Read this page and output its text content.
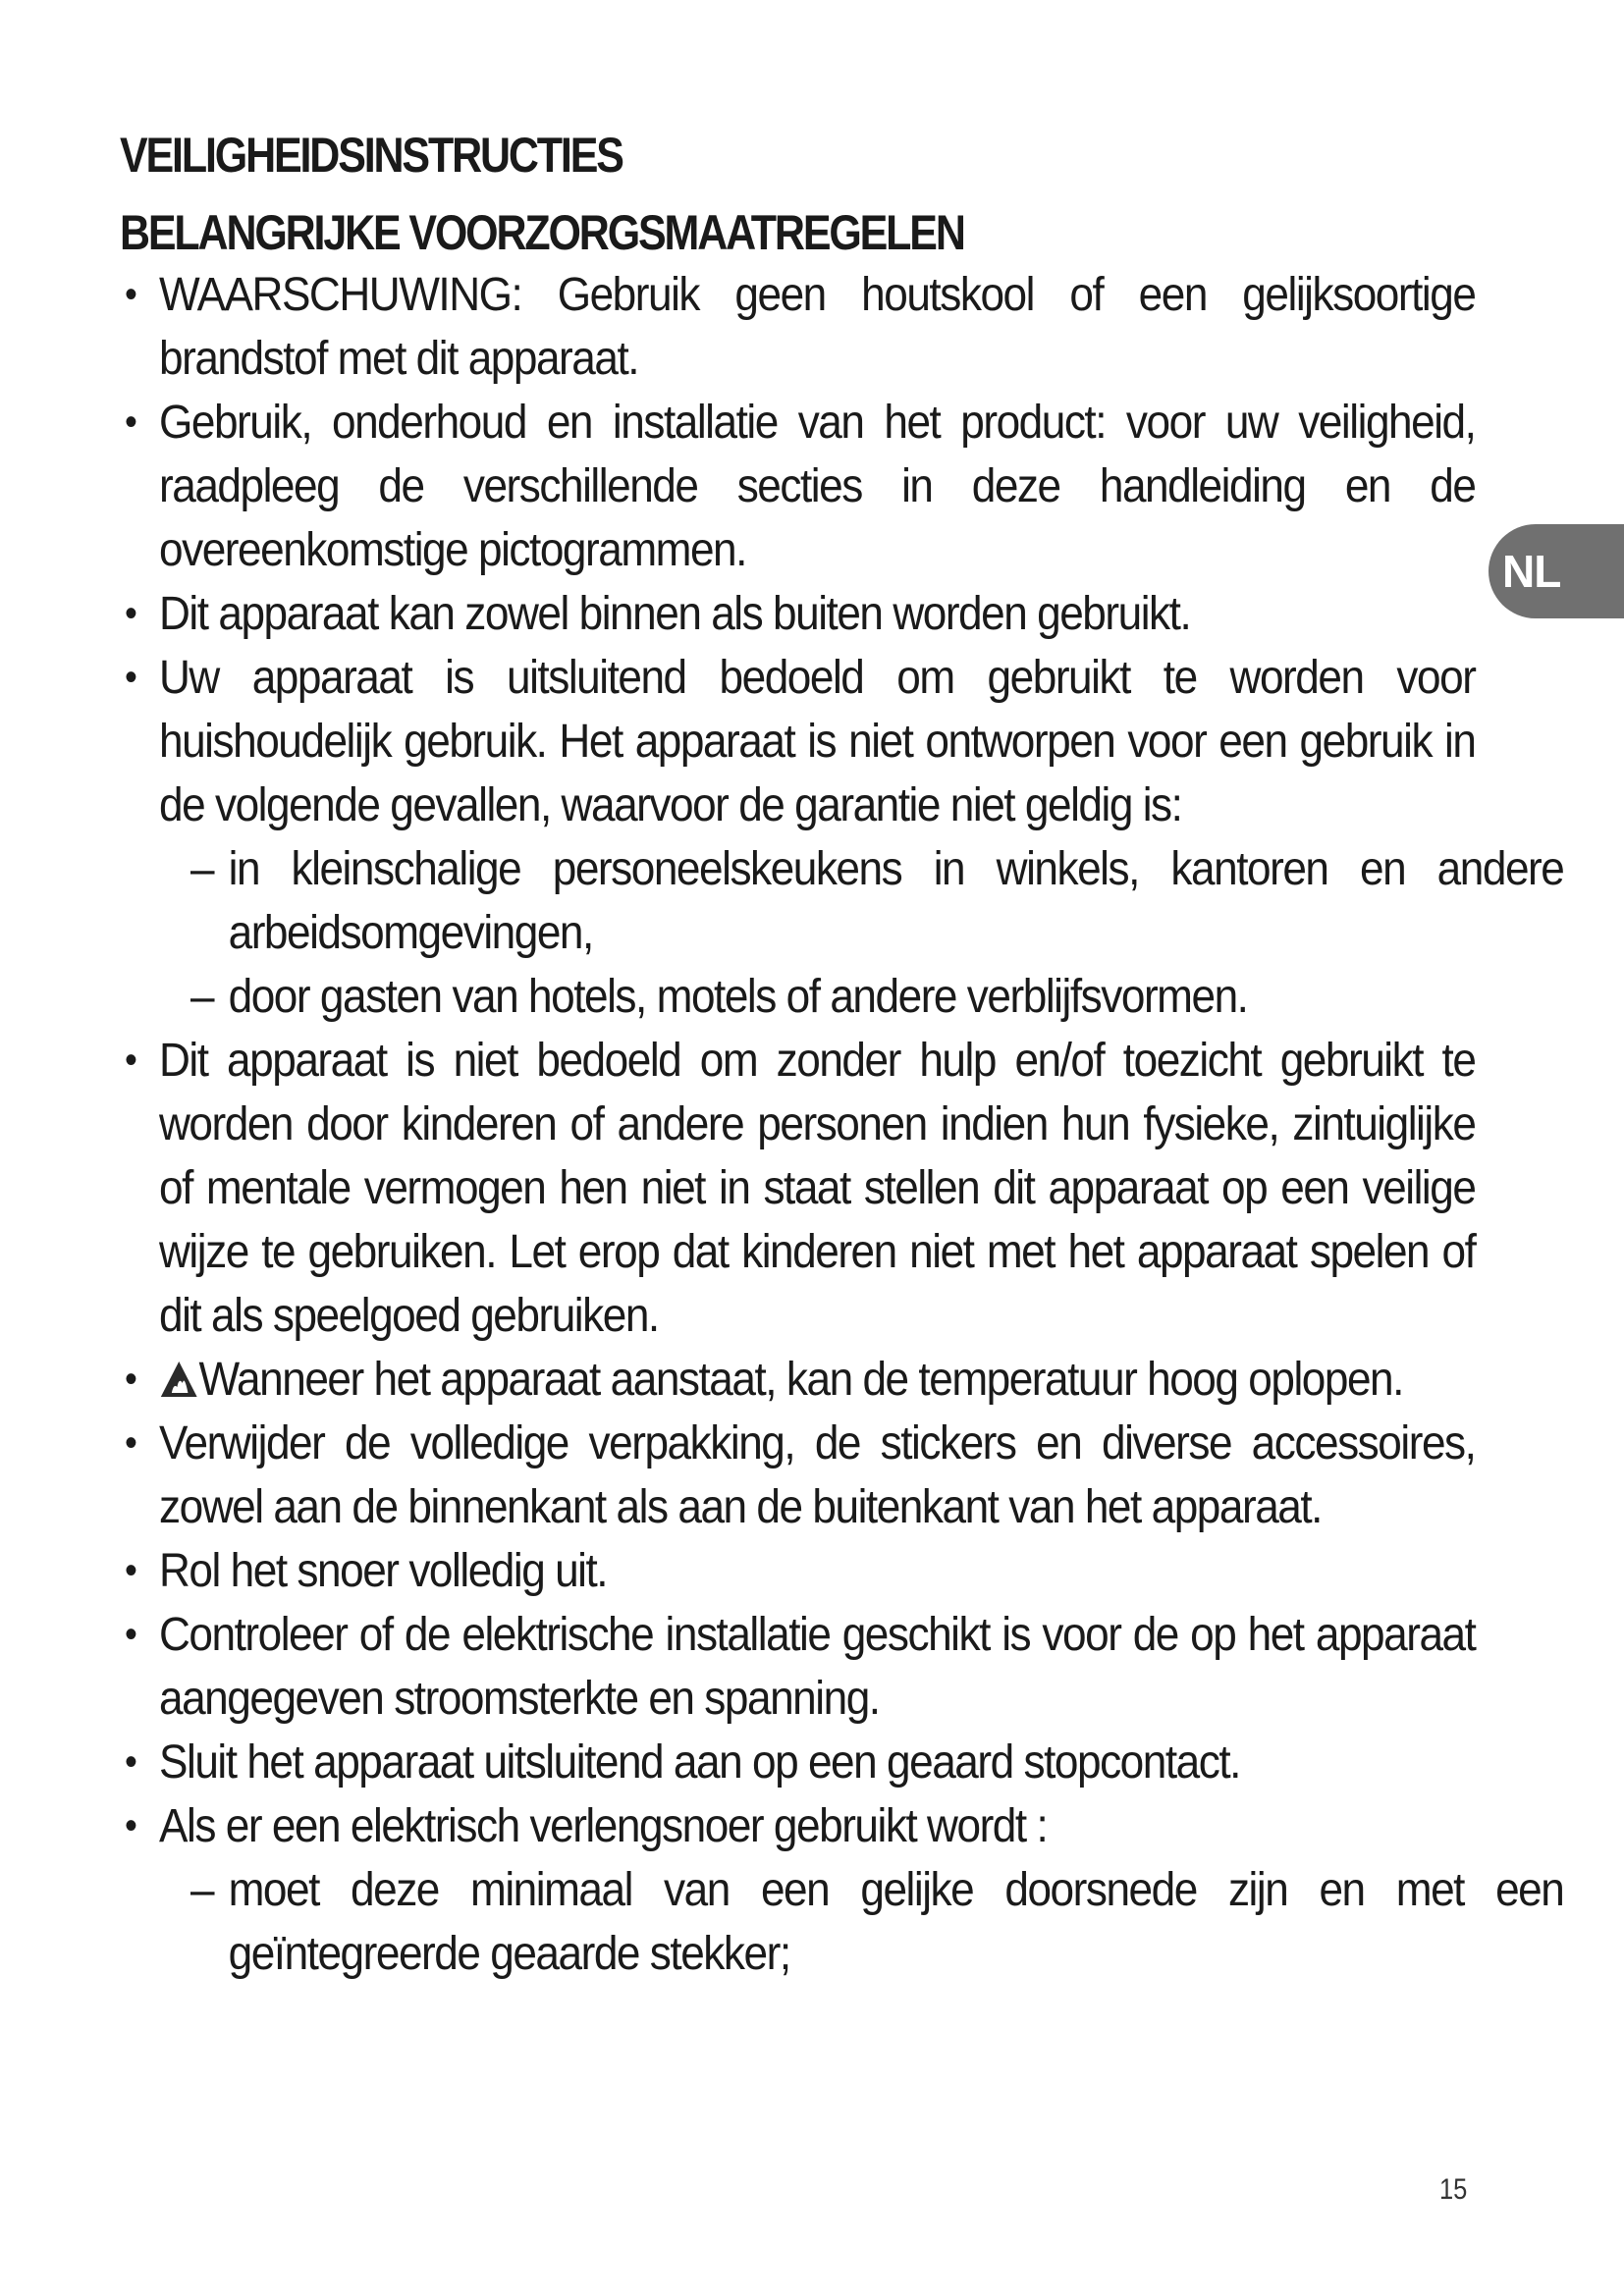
VEILIGHEIDSINSTRUCTIES
BELANGRIJKE VOORZORGSMAATREGELEN
• WAARSCHUWING: Gebruik geen houtskool of een gelijksoortige brandstof met dit apparaat.
• Gebruik, onderhoud en installatie van het product: voor uw veiligheid, raadpleeg de verschillende secties in deze handleiding en de overeenkomstige pictogrammen.
• Dit apparaat kan zowel binnen als buiten worden gebruikt.
• Uw apparaat is uitsluitend bedoeld om gebruikt te worden voor huishoudelijk gebruik. Het apparaat is niet ontworpen voor een gebruik in de volgende gevallen, waarvoor de garantie niet geldig is:
– in kleinschalige personeelskeukens in winkels, kantoren en andere arbeidsomgevingen,
– door gasten van hotels, motels of andere verblijfsvormen.
• Dit apparaat is niet bedoeld om zonder hulp en/of toezicht gebruikt te worden door kinderen of andere personen indien hun fysieke, zintuiglijke of mentale vermogen hen niet in staat stellen dit apparaat op een veilige wijze te gebruiken. Let erop dat kinderen niet met het apparaat spelen of dit als speelgoed gebruiken.
• Wanneer het apparaat aanstaat, kan de temperatuur hoog oplopen.
• Verwijder de volledige verpakking, de stickers en diverse accessoires, zowel aan de binnenkant als aan de buitenkant van het apparaat.
• Rol het snoer volledig uit.
• Controleer of de elektrische installatie geschikt is voor de op het apparaat aangegeven stroomsterkte en spanning.
• Sluit het apparaat uitsluitend aan op een geaard stopcontact.
• Als er een elektrisch verlengsnoer gebruikt wordt :
– moet deze minimaal van een gelijke doorsnede zijn en met een geïntegreerde geaarde stekker;
NL
15
